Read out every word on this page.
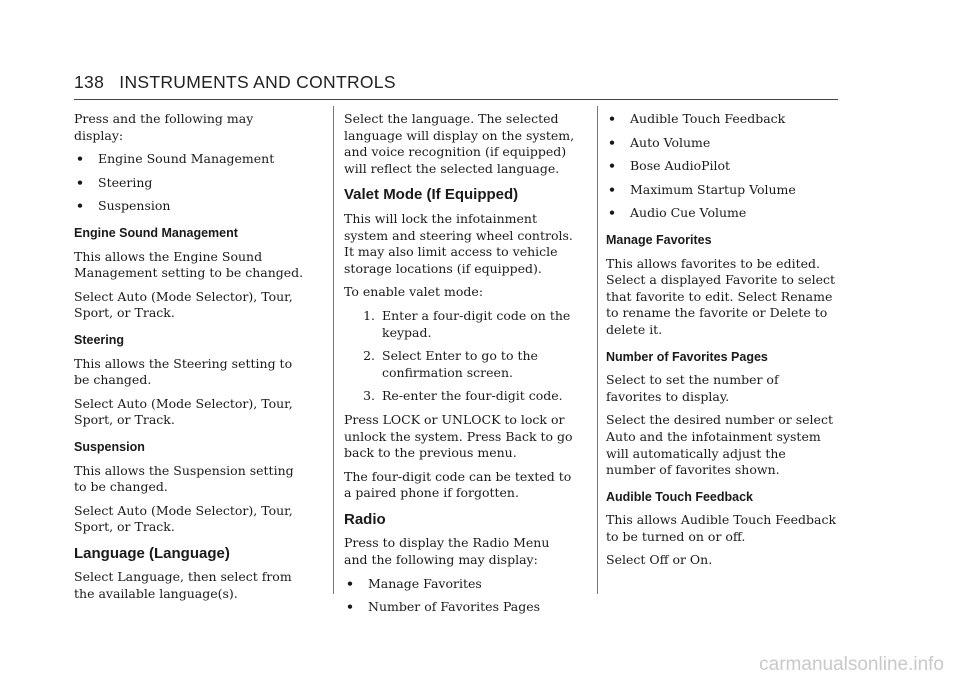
138 INSTRUMENTS AND CONTROLS

Press and the following may display:

•	Engine Sound Management
•	Steering
•	Suspension
Engine Sound Management

This allows the Engine Sound Management setting to be changed.

Select Auto (Mode Selector), Tour, Sport, or Track.

Steering

This allows the Steering setting to be changed.

Select Auto (Mode Selector), Tour, Sport, or Track.

Suspension

This allows the Suspension setting to be changed.

Select Auto (Mode Selector), Tour, Sport, or Track.

Language (Language)

Select Language, then select from the available language(s).

Select the language. The selected language will display on the system, and voice recognition (if equipped) will reflect the selected language.

Valet Mode (If Equipped)

This will lock the infotainment system and steering wheel controls. It may also limit access to vehicle storage locations (if equipped).

To enable valet mode:

1. Enter a four-digit code on the keypad.
2. Select Enter to go to the confirmation screen.
3. Re-enter the four-digit code.

Press LOCK or UNLOCK to lock or unlock the system. Press Back to go back to the previous menu.

The four-digit code can be texted to a paired phone if forgotten.

Radio

Press to display the Radio Menu and the following may display:

•	Manage Favorites
•	Number of Favorites Pages
•	Audible Touch Feedback
•	Auto Volume
•	Bose AudioPilot
•	Maximum Startup Volume
•	Audio Cue Volume
Manage Favorites

This allows favorites to be edited. Select a displayed Favorite to select that favorite to edit. Select Rename to rename the favorite or Delete to delete it.

Number of Favorites Pages

Select to set the number of favorites to display.

Select the desired number or select Auto and the infotainment system will automatically adjust the number of favorites shown.

Audible Touch Feedback

This allows Audible Touch Feedback to be turned on or off.

Select Off or On.

carmanualsonline.info
